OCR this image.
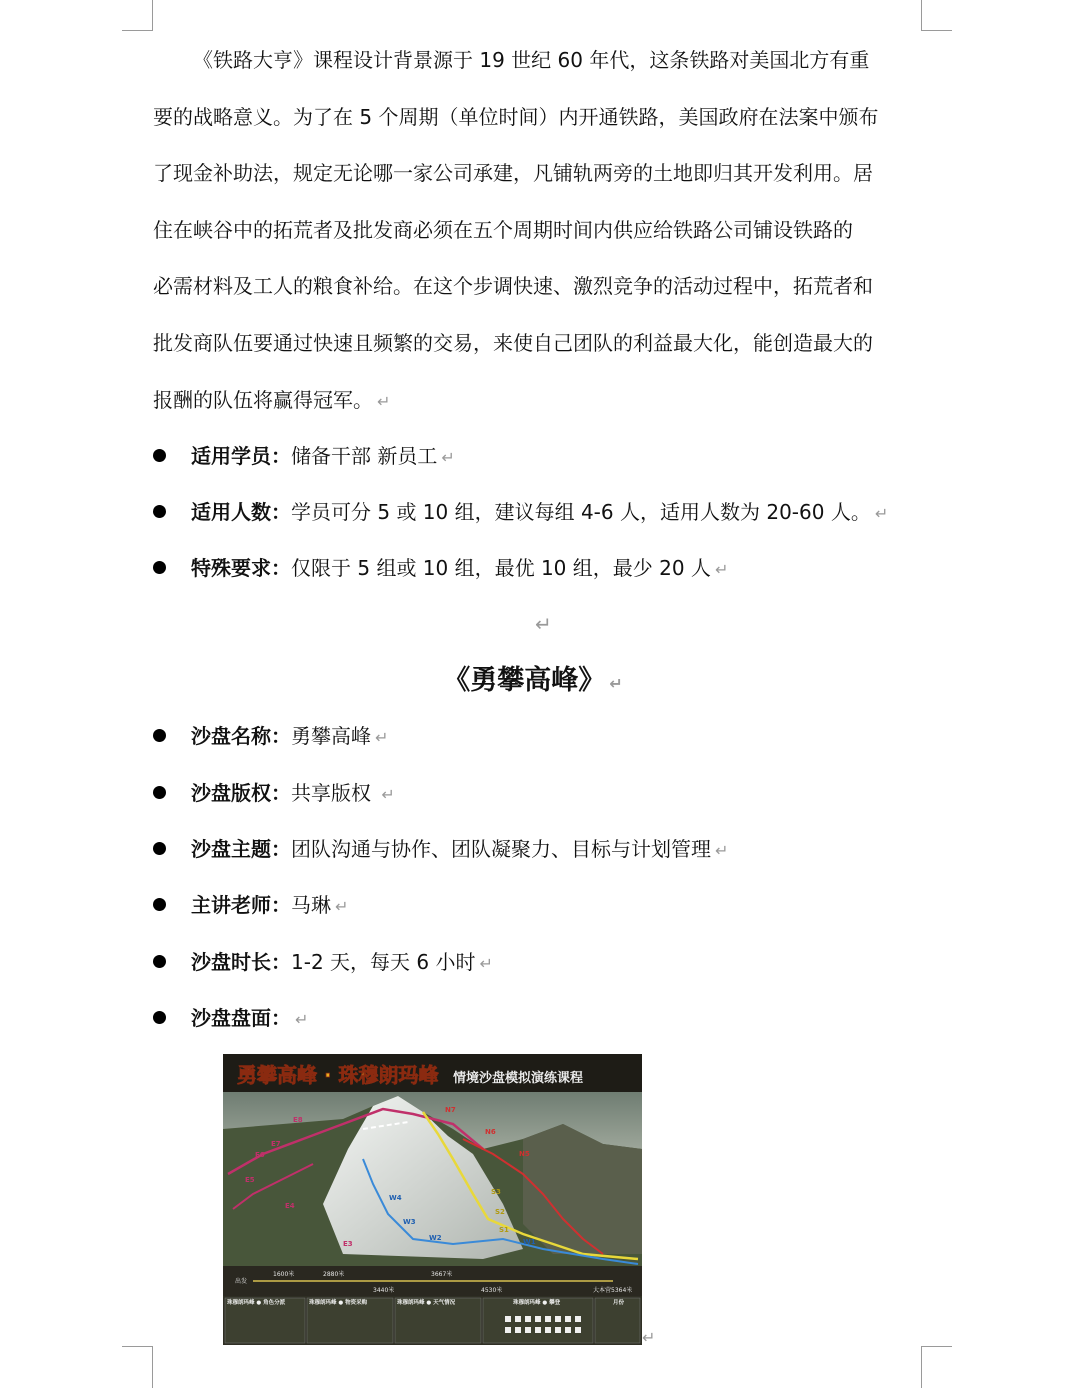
《铁路大亨》课程设计背景源于 19 世纪 60 年代，这条铁路对美国北方有重
要的战略意义。为了在 5 个周期（单位时间）内开通铁路，美国政府在法案中颁布
了现金补助法，规定无论哪一家公司承建，凡铺轨两旁的土地即归其开发利用。居
住在峡谷中的拓荒者及批发商必须在五个周期时间内供应给铁路公司铺设铁路的
必需材料及工人的粮食补给。在这个步调快速、激烈竞争的活动过程中，拓荒者和
批发商队伍要通过快速且频繁的交易，来使自己团队的利益最大化，能创造最大的
报酬的队伍将赢得冠军。 ↵
适用学员：储备干部 新员工 ↵
适用人数：学员可分 5 或 10 组，建议每组 4-6 人，适用人数为 20-60 人。 ↵
特殊要求：仅限于 5 组或 10 组，最优 10 组，最少 20 人 ↵
↵
《勇攀高峰》 ↵
沙盘名称：勇攀高峰 ↵
沙盘版权：共享版权 ↵
沙盘主题：团队沟通与协作、团队凝聚力、目标与计划管理 ↵
主讲老师：马琳 ↵
沙盘时长：1-2 天，每天 6 小时 ↵
沙盘盘面： ↵
勇攀高峰 · 珠穆朗玛峰 情境沙盘模拟演练课程
E8
E7
E6
E5
E4
E3
N7
N6
N5
W4
W3
W2	W1
S3
S2
S1
出发
1600米	2880米
3440米
3667米
4530米	大本营5364米
珠穆朗玛峰 ● 角色分派	珠穆朗玛峰 ● 物资采购	珠穆朗玛峰 ● 天气情况	珠穆朗玛峰 ● 攀登	月份
↵
